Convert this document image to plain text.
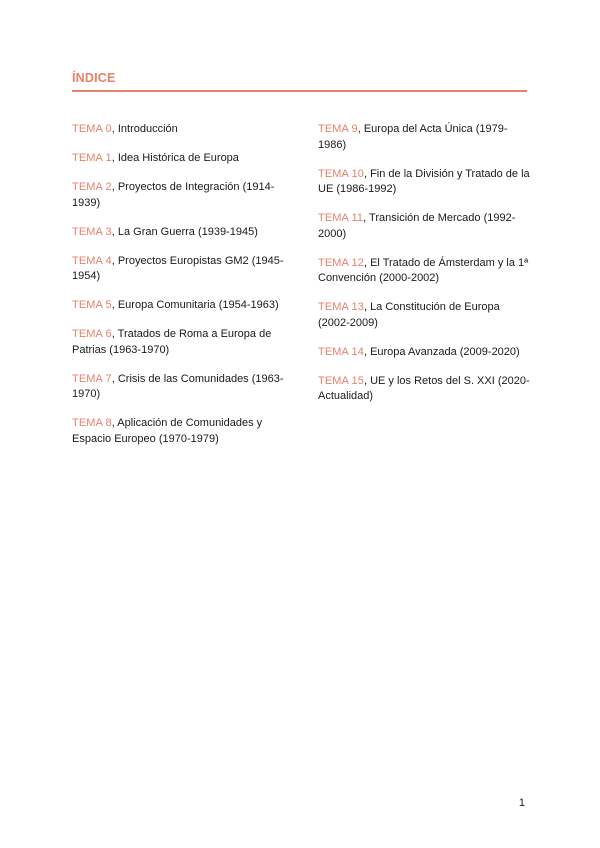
ÍNDICE

TEMA 0, Introducción

TEMA 1, Idea Histórica de Europa

TEMA 2, Proyectos de Integración (1914-1939)

TEMA 3, La Gran Guerra (1939-1945)

TEMA 4, Proyectos Europistas GM2 (1945-1954)

TEMA 5, Europa Comunitaria (1954-1963)

TEMA 6, Tratados de Roma a Europa de Patrias (1963-1970)

TEMA 7, Crisis de las Comunidades (1963-1970)

TEMA 8, Aplicación de Comunidades y Espacio Europeo (1970-1979)

TEMA 9, Europa del Acta Única (1979-1986)

TEMA 10, Fin de la División y Tratado de la UE (1986-1992)

TEMA 11, Transición de Mercado (1992-2000)

TEMA 12, El Tratado de Ámsterdam y la 1ª Convención (2000-2002)

TEMA 13, La Constitución de Europa (2002-2009)

TEMA 14, Europa Avanzada (2009-2020)

TEMA 15, UE y los Retos del S. XXI (2020-Actualidad)

1
